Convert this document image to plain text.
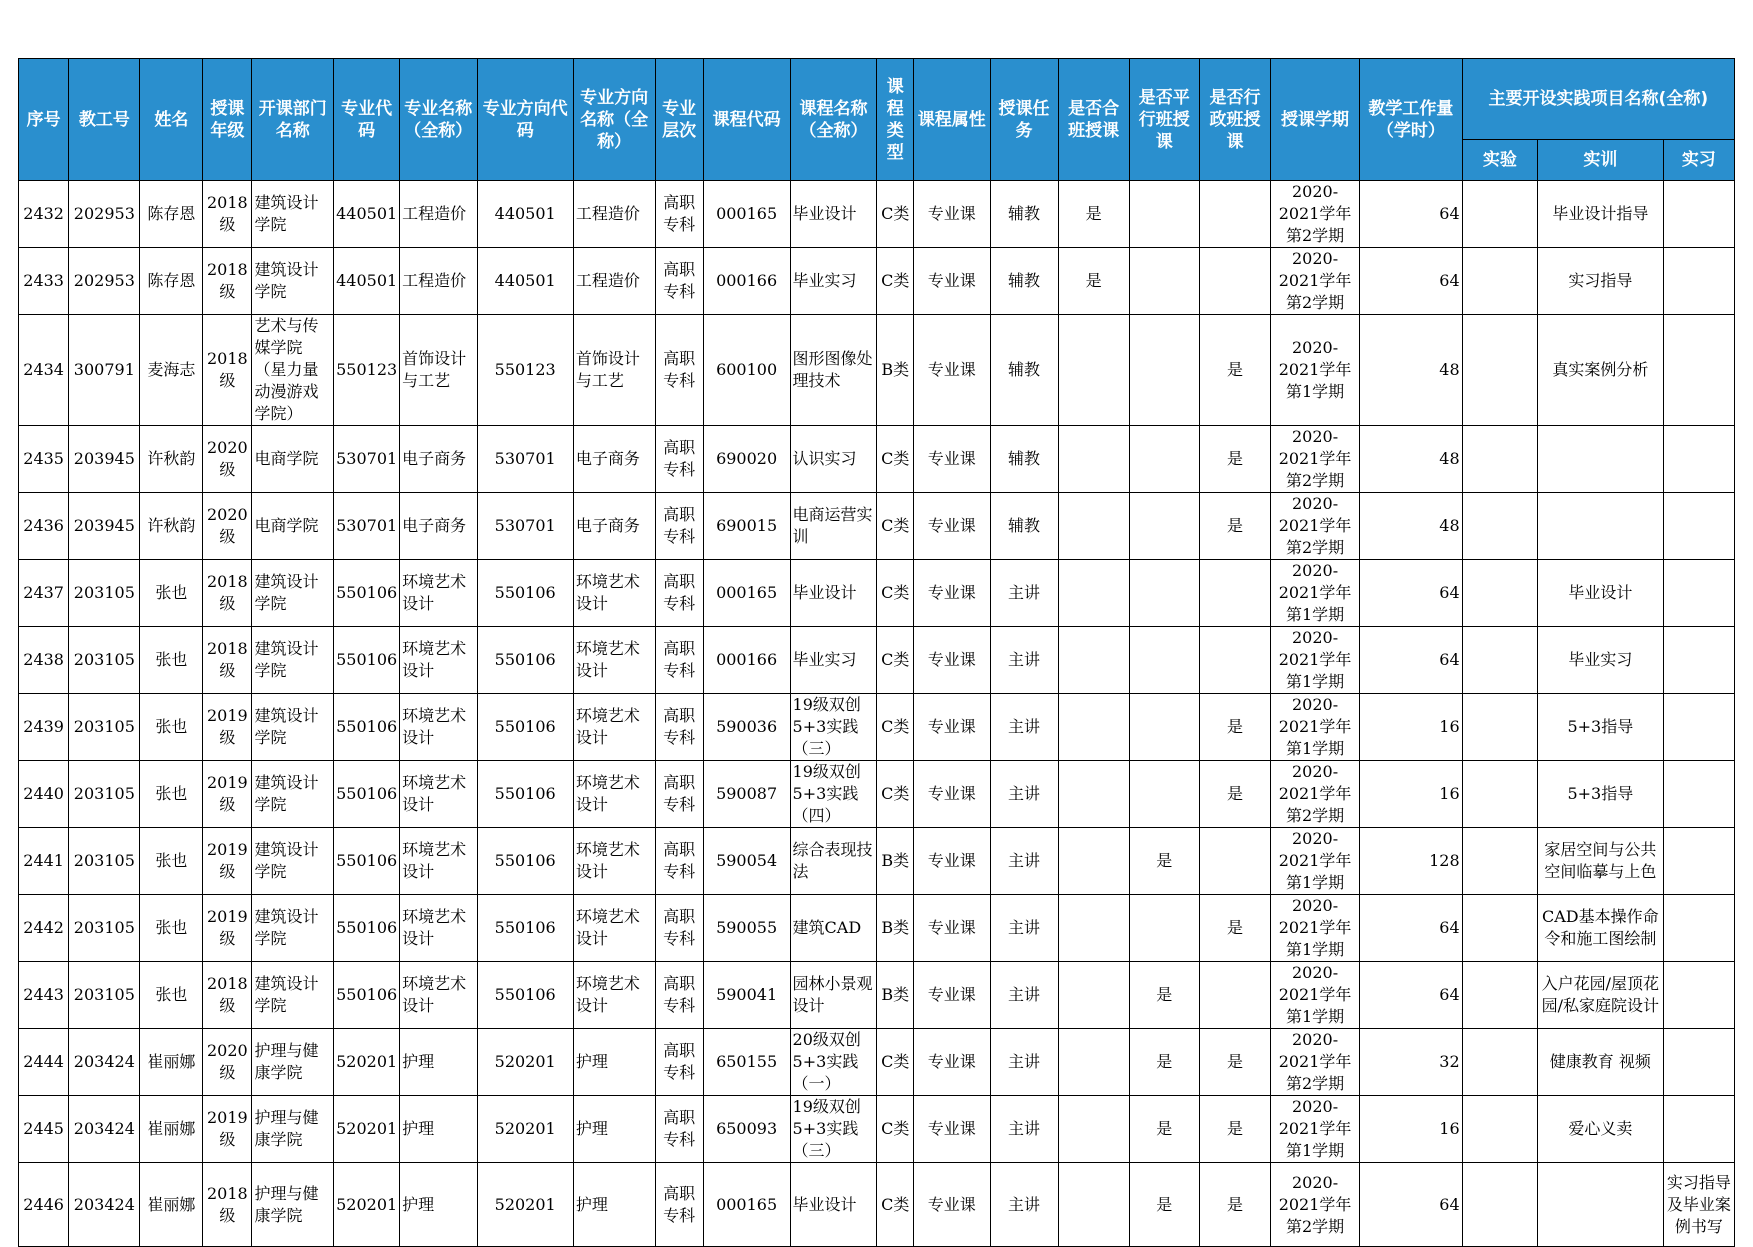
序号	教工号	姓名	授课年级	开课部门名称	专业代码	专业名称（全称）	专业方向代码	专业方向名称（全称）	专业层次	课程代码	课程名称（全称）	课程类型	课程属性	授课任务	是否合班授课	是否平行班授课	是否行政班授课	授课学期	教学工作量（学时）	主要开设实践项目名称(全称)		
																				实验	实训	实习

2432	202953	陈存恩	2018级	建筑设计学院	440501	工程造价	440501	工程造价	高职专科	000165	毕业设计	C类	专业课	辅教	是			2020-2021学年第2学期	64		毕业设计指导	

2433	202953	陈存恩	2018级	建筑设计学院	440501	工程造价	440501	工程造价	高职专科	000166	毕业实习	C类	专业课	辅教	是			2020-2021学年第2学期	64		实习指导	

2434	300791	麦海志	2018级	艺术与传媒学院（星力量动漫游戏学院）	550123	首饰设计与工艺	550123	首饰设计与工艺	高职专科	600100	图形图像处理技术	B类	专业课	辅教			是	2020-2021学年第1学期	48		真实案例分析	

2435	203945	许秋韵	2020级	电商学院	530701	电子商务	530701	电子商务	高职专科	690020	认识实习	C类	专业课	辅教			是	2020-2021学年第2学期	48			

2436	203945	许秋韵	2020级	电商学院	530701	电子商务	530701	电子商务	高职专科	690015	电商运营实训	C类	专业课	辅教			是	2020-2021学年第2学期	48			

2437	203105	张也	2018级	建筑设计学院	550106	环境艺术设计	550106	环境艺术设计	高职专科	000165	毕业设计	C类	专业课	主讲				2020-2021学年第1学期	64		毕业设计	

2438	203105	张也	2018级	建筑设计学院	550106	环境艺术设计	550106	环境艺术设计	高职专科	000166	毕业实习	C类	专业课	主讲				2020-2021学年第1学期	64		毕业实习	

2439	203105	张也	2019级	建筑设计学院	550106	环境艺术设计	550106	环境艺术设计	高职专科	590036	19级双创5+3实践（三）	C类	专业课	主讲			是	2020-2021学年第1学期	16		5+3指导	

2440	203105	张也	2019级	建筑设计学院	550106	环境艺术设计	550106	环境艺术设计	高职专科	590087	19级双创5+3实践（四）	C类	专业课	主讲			是	2020-2021学年第2学期	16		5+3指导	

2441	203105	张也	2019级	建筑设计学院	550106	环境艺术设计	550106	环境艺术设计	高职专科	590054	综合表现技法	B类	专业课	主讲		是		2020-2021学年第1学期	128		家居空间与公共空间临摹与上色	

2442	203105	张也	2019级	建筑设计学院	550106	环境艺术设计	550106	环境艺术设计	高职专科	590055	建筑CAD	B类	专业课	主讲			是	2020-2021学年第1学期	64		CAD基本操作命令和施工图绘制	

2443	203105	张也	2018级	建筑设计学院	550106	环境艺术设计	550106	环境艺术设计	高职专科	590041	园林小景观设计	B类	专业课	主讲		是		2020-2021学年第1学期	64		入户花园/屋顶花园/私家庭院设计	

2444	203424	崔丽娜	2020级	护理与健康学院	520201	护理	520201	护理	高职专科	650155	20级双创5+3实践（一）	C类	专业课	主讲		是	是	2020-2021学年第2学期	32		健康教育 视频	

2445	203424	崔丽娜	2019级	护理与健康学院	520201	护理	520201	护理	高职专科	650093	19级双创5+3实践（三）	C类	专业课	主讲		是	是	2020-2021学年第1学期	16		爱心义卖	

2446	203424	崔丽娜	2018级	护理与健康学院	520201	护理	520201	护理	高职专科	000165	毕业设计	C类	专业课	主讲		是	是	2020-2021学年第2学期	64			实习指导及毕业案例书写
